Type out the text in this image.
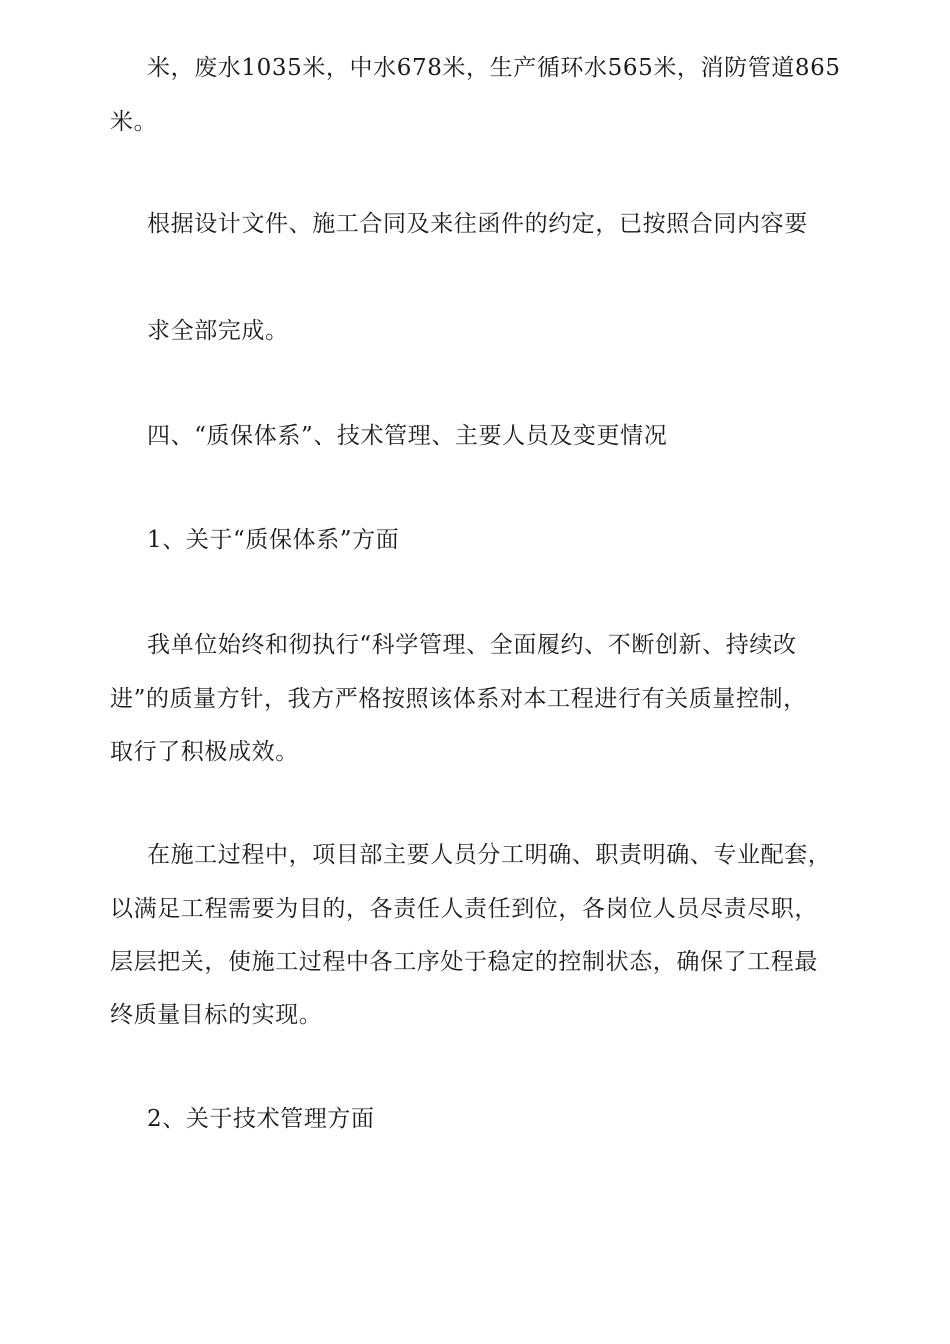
米，废水1035米，中水678米，生产循环水565米，消防管道865
米。
根据设计文件、施工合同及来往函件的约定，已按照合同内容要
求全部完成。
四、“质保体系”、技术管理、主要人员及变更情况
1、关于“质保体系”方面
我单位始终和彻执行“科学管理、全面履约、不断创新、持续改
进”的质量方针，我方严格按照该体系对本工程进行有关质量控制，
取行了积极成效。
在施工过程中，项目部主要人员分工明确、职责明确、专业配套，
以满足工程需要为目的，各责任人责任到位，各岗位人员尽责尽职，
层层把关，使施工过程中各工序处于稳定的控制状态，确保了工程最
终质量目标的实现。
2、关于技术管理方面
